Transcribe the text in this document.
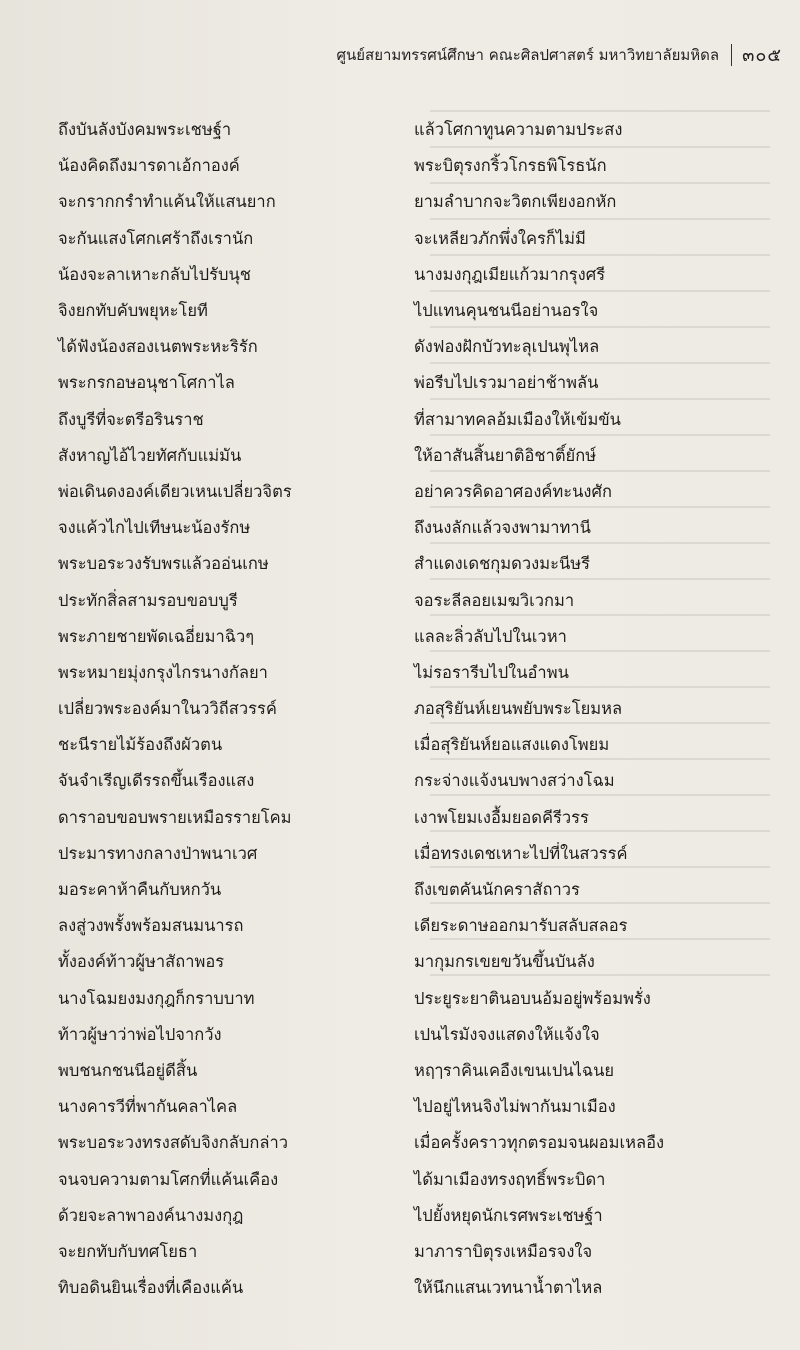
ศูนย์สยามทรรศน์ศึกษา คณะศิลปศาสตร์ มหาวิทยาลัยมหิดล ๓๐๕
ถึงบันลังบังคมพระเชษฐ์า	แล้วโศกาทูนความตามประสง
น้องคิดถึงมารดาเอ้กาองค์	พระบิตุรงกริ้วโกรธพิโรธนัก
จะกรากกรำทำแค้นให้แสนยาก	ยามลำบากจะวิตกเพียงอกหัก
จะกันแสงโศกเศร้าถึงเรานัก	จะเหลียวภักพึ่งใครก็ไม่มี
น้องจะลาเหาะกลับไปรับนุช	นางมงกุฎเมียแก้วมากรุงศรี
จิงยกทับคับพยุหะโยที	ไปแทนคุนชนนีอย่านอรใจ
ได้ฟังน้องสองเนตพระหะริรัก	ดังฟองฝักบัวทะลุเปนพุไหล
พระกรกอษอนุชาโศกาไล	พ่อรีบไปเรวมาอย่าช้าพลัน
ถึงบูรีที่จะตรีอรินราช	ที่สามาทคลอ้มเมืองให้เข้มขัน
สังหาญไอ้ไวยทัศกับแม่มัน	ให้อาสันสิ้นยาติอิชาติ์ยักษ์
พ่อเดินดงองค์เดียวเหนเปลี่ยวจิตร	อย่าควรคิดอาศองค์ทะนงศัก
จงแค้วไกไปเทีษนะน้องรักษ	ถึงนงลักแล้วจงพามาทานี
พระบอระวงรับพรแล้วออ่นเกษ	สำแดงเดชกุมดวงมะนีษรี
ประทักสิ่ลสามรอบขอบบูรี	จอระลีลอยเมฆวิเวกมา
พระภายชายพัดเฉอี่ยมาฉิวๆ	แลละลิ่วลับไปในเวหา
พระหมายมุ่งกรุงไกรนางกัลยา	ไม่รอรารีบไปในอำพน
เปลี่ยวพระองค์มาในววิถีสวรรค์	ภอสุริยันห์เยนพยับพระโยมหล
ชะนีรายไม้ร้องถึงผัวตน	เมื่อสุริยันห์ยอแสงแดงโพยม
จันจำเรีญเดีรรถขึ้นเรืองแสง	กระจ่างแจ้งนบพางสว่างโฉม
ดาราอบขอบพรายเหมือรรายโคม	เงาพโยมเงอื้มยอดคีรีวรร
ประมารทางกลางป่าพนาเวศ	เมื่อทรงเดชเหาะไปที่ในสวรรค์
มอระคาห้าคืนกับหกวัน	ถึงเขตคันนักคราสัถาวร
ลงสู่วงพรั้งพร้อมสนมนารถ	เดียระดาษออกมารับสลับสลอร
ทั้งองค์ท้าวผู้ษาสัถาพอร	มากุมกรเขยขวันขึ้นบันลัง
นางโฉมยงมงกุฎก็กราบบาท	ประยูระยาตินอบนอ้มอยู่พร้อมพรั่ง
ท้าวผู้ษาว่าพ่อไปจากวัง	เปนไรมังจงแสดงให้แจ้งใจ
พบชนกชนนีอยู่ดีสิ้น	หฤๅราคินเคอืงเขนเปนไฉนย
นางคารวีที่พากันคลาไคล	ไปอยู่ไหนจิงไม่พากันมาเมือง
พระบอระวงทรงสดับจิงกลับกล่าว	เมื่อครั้งคราวทุกตรอมจนผอมเหลอืง
จนจบความตามโศกที่แค้นเคือง	ได้มาเมืองทรงฤทธิ์พระบิดา
ด้วยจะลาพาองค์นางมงกุฎ	ไปยั้งหยุดนักเรศพระเชษฐ์า
จะยกทับกับทศโยธา	มาภาราบิตุรงเหมือรจงใจ
ทิบอดินยินเรื่องที่เคืองแค้น	ให้นึกแสนเวทนาน้ำตาไหล
